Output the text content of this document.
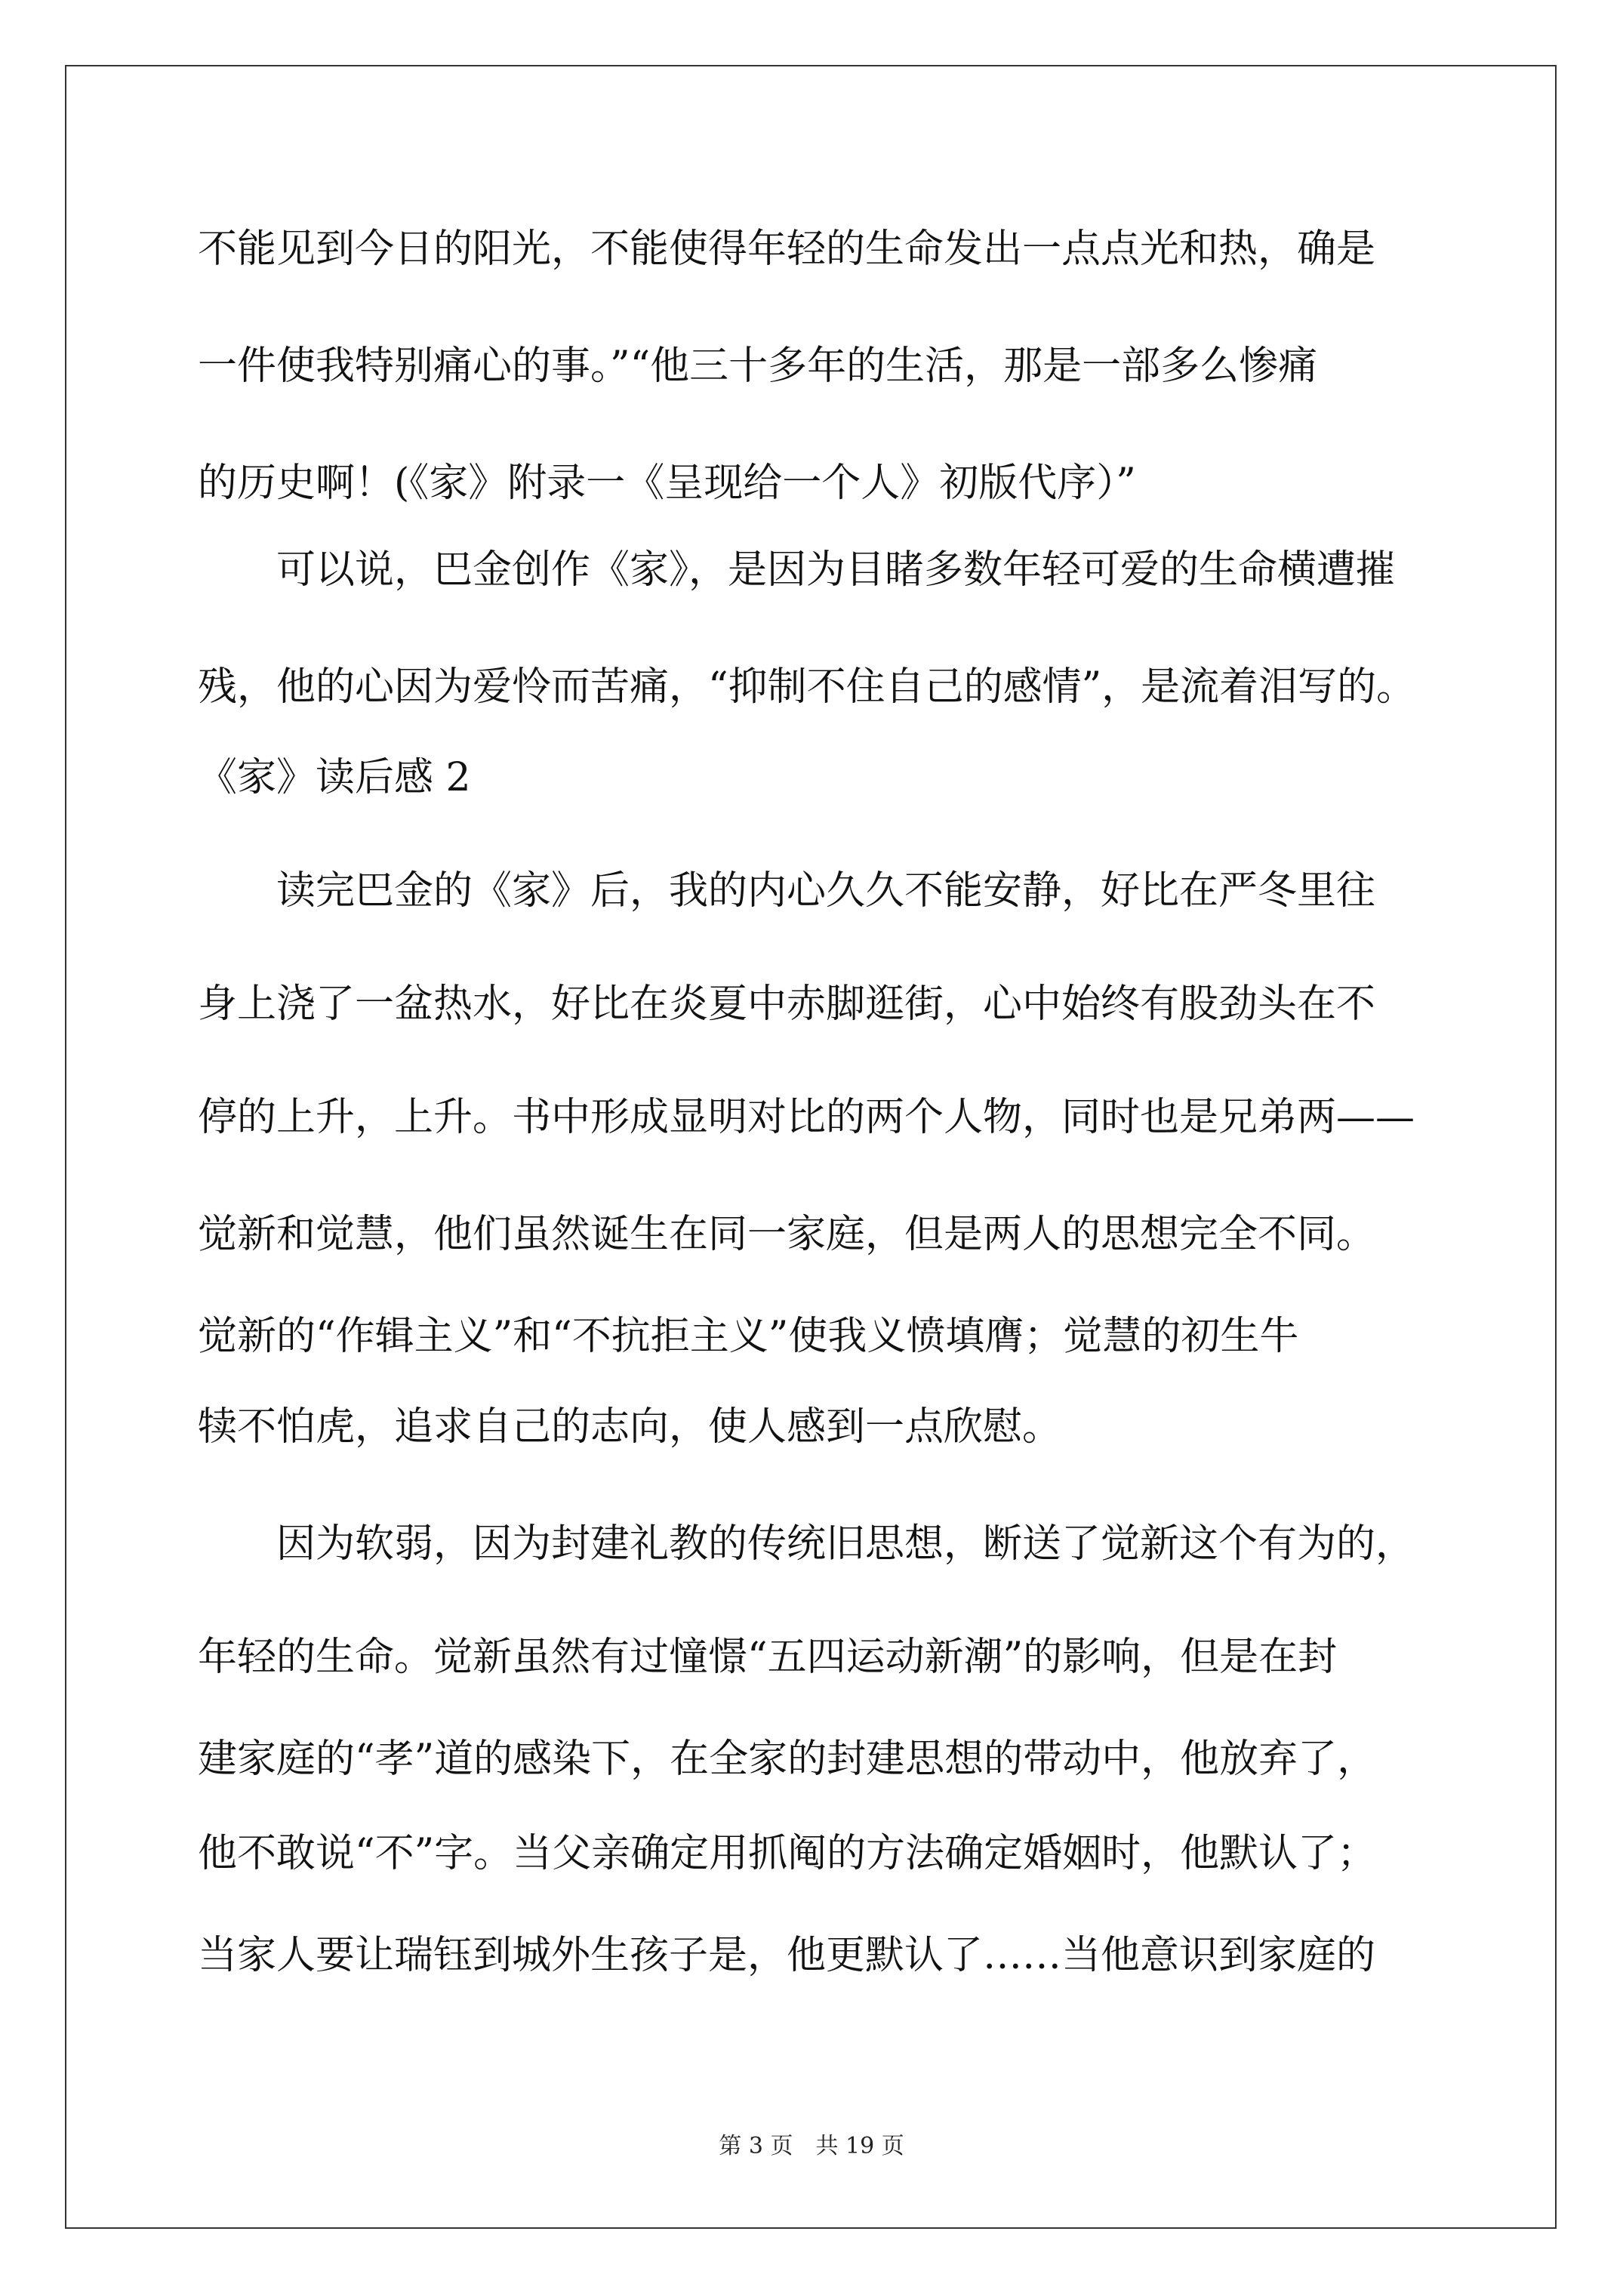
不能见到今日的阳光，不能使得年轻的生命发出一点点光和热，确是
一件使我特别痛心的事。”“他三十多年的生活，那是一部多么惨痛
的历史啊！(《家》附录一《呈现给一个人》初版代序）”
可以说，巴金创作《家》，是因为目睹多数年轻可爱的生命横遭摧
残，他的心因为爱怜而苦痛，“抑制不住自己的感情”，是流着泪写的。
《家》读后感 2
读完巴金的《家》后，我的内心久久不能安静，好比在严冬里往
身上浇了一盆热水，好比在炎夏中赤脚逛街，心中始终有股劲头在不
停的上升，上升。书中形成显明对比的两个人物，同时也是兄弟两——
觉新和觉慧，他们虽然诞生在同一家庭，但是两人的思想完全不同。
觉新的“作辑主义”和“不抗拒主义”使我义愤填膺；觉慧的初生牛
犊不怕虎，追求自己的志向，使人感到一点欣慰。
因为软弱，因为封建礼教的传统旧思想，断送了觉新这个有为的，
年轻的生命。觉新虽然有过憧憬“五四运动新潮”的影响，但是在封
建家庭的“孝”道的感染下，在全家的封建思想的带动中，他放弃了，
他不敢说“不”字。当父亲确定用抓阄的方法确定婚姻时，他默认了；
当家人要让瑞钰到城外生孩子是，他更默认了……当他意识到家庭的
第 3 页　共 19 页
